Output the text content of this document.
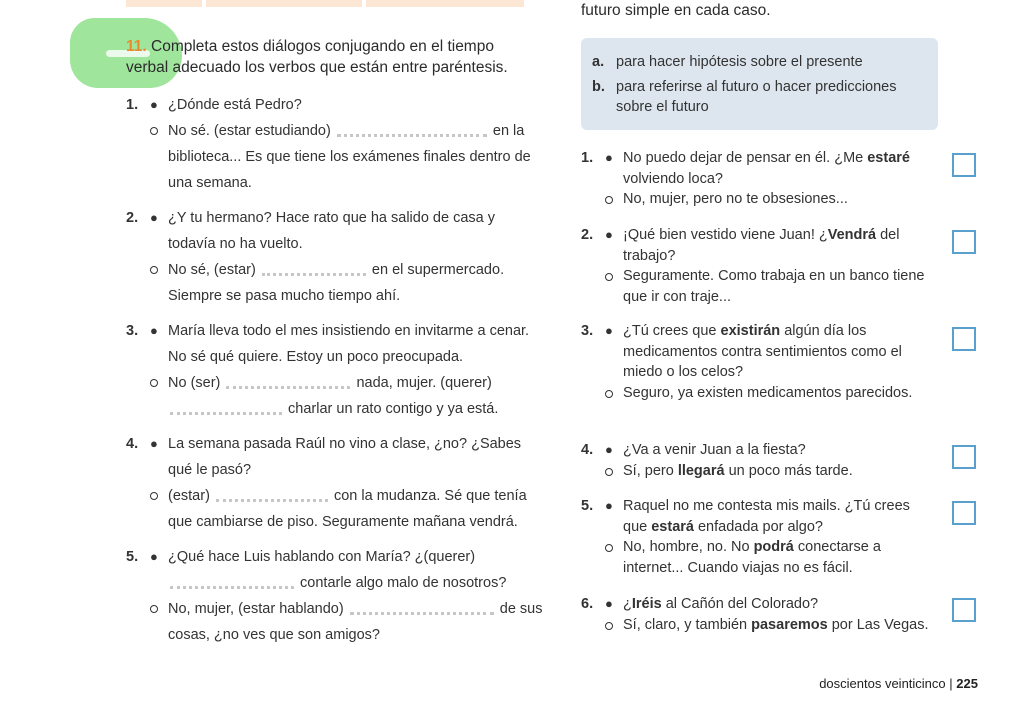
11. Completa estos diálogos conjugando en el tiempo verbal adecuado los verbos que están entre paréntesis.
1. ● ¿Dónde está Pedro?
No sé. (estar estudiando)	en la biblioteca... Es que tiene los exámenes finales dentro de una semana.
2. ● ¿Y tu hermano? Hace rato que ha salido de casa y todavía no ha vuelto.
No sé, (estar)	en el supermercado. Siempre se pasa mucho tiempo ahí.
3. ● María lleva todo el mes insistiendo en invitarme a cenar. No sé qué quiere. Estoy un poco preocupada.
No (ser)	nada, mujer. (querer)  charlar un rato contigo y ya está.
4. ● La semana pasada Raúl no vino a clase, ¿no? ¿Sabes qué le pasó?
(estar)	con la mudanza. Sé que tenía que cambiarse de piso. Seguramente mañana vendrá.
5. ● ¿Qué hace Luis hablando con María? ¿(querer)  contarle algo malo de nosotros?
No, mujer, (estar hablando)	de sus cosas, ¿no ves que son amigos?
futuro simple en cada caso.
a. para hacer hipótesis sobre el presente
b. para referirse al futuro o hacer predicciones sobre el futuro
1. ● No puedo dejar de pensar en él. ¿Me estaré volviendo loca?
No, mujer, pero no te obsesiones...
2. ● ¡Qué bien vestido viene Juan! ¿Vendrá del trabajo?
Seguramente. Como trabaja en un banco tiene que ir con traje...
3. ● ¿Tú crees que existirán algún día los medicamentos contra sentimientos como el miedo o los celos?
Seguro, ya existen medicamentos parecidos.
4. ● ¿Va a venir Juan a la fiesta?
Sí, pero llegará un poco más tarde.
5. ● Raquel no me contesta mis mails. ¿Tú crees que estará enfadada por algo?
No, hombre, no. No podrá conectarse a internet... Cuando viajas no es fácil.
6. ● ¿Iréis al Cañón del Colorado?
Sí, claro, y también pasaremos por Las Vegas.
doscientos veinticinco | 225
